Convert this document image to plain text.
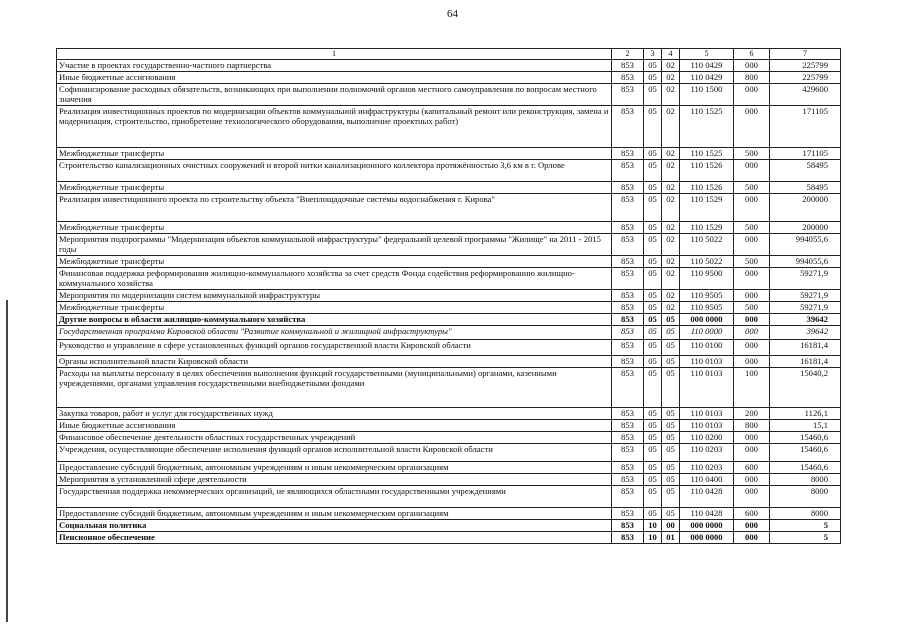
64
1	2	3	4	5	6	7
Участие в проектах государственно-частного партнерства	853	05	02	110 0429	000	225799
Иные бюджетные ассигнования	853	05	02	110 0429	800	225799
Софинансирование расходных обязательств, возникающих при выполнении полномочий органов местного самоуправления по вопросам местного значения	853	05	02	110 1500	000	429600
Реализация инвестиционных проектов по модернизации объектов коммунальной инфраструктуры (капитальный ремонт или реконструкция, замена и модернизация, строительство, приобретение технологического оборудования, выполнение проектных работ)	853	05	02	110 1525	000	171105
Межбюджетные трансферты	853	05	02	110 1525	500	171105
Строительство канализационных очистных сооружений и второй нитки канализационного коллектора протяжённостью 3,6 км в г. Орлове	853	05	02	110 1526	000	58495
Межбюджетные трансферты	853	05	02	110 1526	500	58495
Реализация инвестиционного проекта по строительству объекта "Внеплощадочные системы водоснабжения г. Кирова"	853	05	02	110 1529	000	200000
Межбюджетные трансферты	853	05	02	110 1529	500	200000
Мероприятия подпрограммы "Модернизация объектов коммунальной инфраструктуры" федеральной целевой программы "Жилище" на 2011 - 2015 годы	853	05	02	110 5022	000	994055,6
Межбюджетные трансферты	853	05	02	110 5022	500	994055,6
Финансовая поддержка реформирования жилищно-коммунального хозяйства за счет средств Фонда содействия реформированию жилищно-коммунального хозяйства	853	05	02	110 9500	000	59271,9
Мероприятия по модернизации систем коммунальной инфраструктуры	853	05	02	110 9505	000	59271,9
Межбюджетные трансферты	853	05	02	110 9505	500	59271,9
Другие вопросы в области жилищно-коммунального хозяйства	853	05	05	000 0000	000	39642
Государственная программа Кировской области "Развитие коммунальной и жилищной инфраструктуры"	853	05	05	110 0000	000	39642
Руководство и управление в сфере установленных функций органов государственной власти Кировской области	853	05	05	110 0100	000	16181,4
Органы исполнительной власти Кировской области	853	05	05	110 0103	000	16181,4
Расходы на выплаты персоналу в целях обеспечения выполнения функций государственными (муниципальными) органами, казенными учреждениями, органами управления государственными внебюджетными фондами	853	05	05	110 0103	100	15040,2
Закупка товаров, работ и услуг для государственных нужд	853	05	05	110 0103	200	1126,1
Иные бюджетные ассигнования	853	05	05	110 0103	800	15,1
Финансовое обеспечение деятельности областных государственных учреждений	853	05	05	110 0200	000	15460,6
Учреждения, осуществляющие обеспечение исполнения функций органов исполнительной власти Кировской области	853	05	05	110 0203	000	15460,6
Предоставление субсидий бюджетным, автономным учреждениям и иным некоммерческим организациям	853	05	05	110 0203	600	15460,6
Мероприятия в установленной сфере деятельности	853	05	05	110 0400	000	8000
Государственная поддержка некоммерческих организаций, не являющихся областными государственными учреждениями	853	05	05	110 0428	000	8000
Предоставление субсидий бюджетным, автономным учреждениям и иным некоммерческим организациям	853	05	05	110 0428	600	8000
Социальная политика	853	10	00	000 0000	000	5
Пенсионное обеспечение	853	10	01	000 0000	000	5
